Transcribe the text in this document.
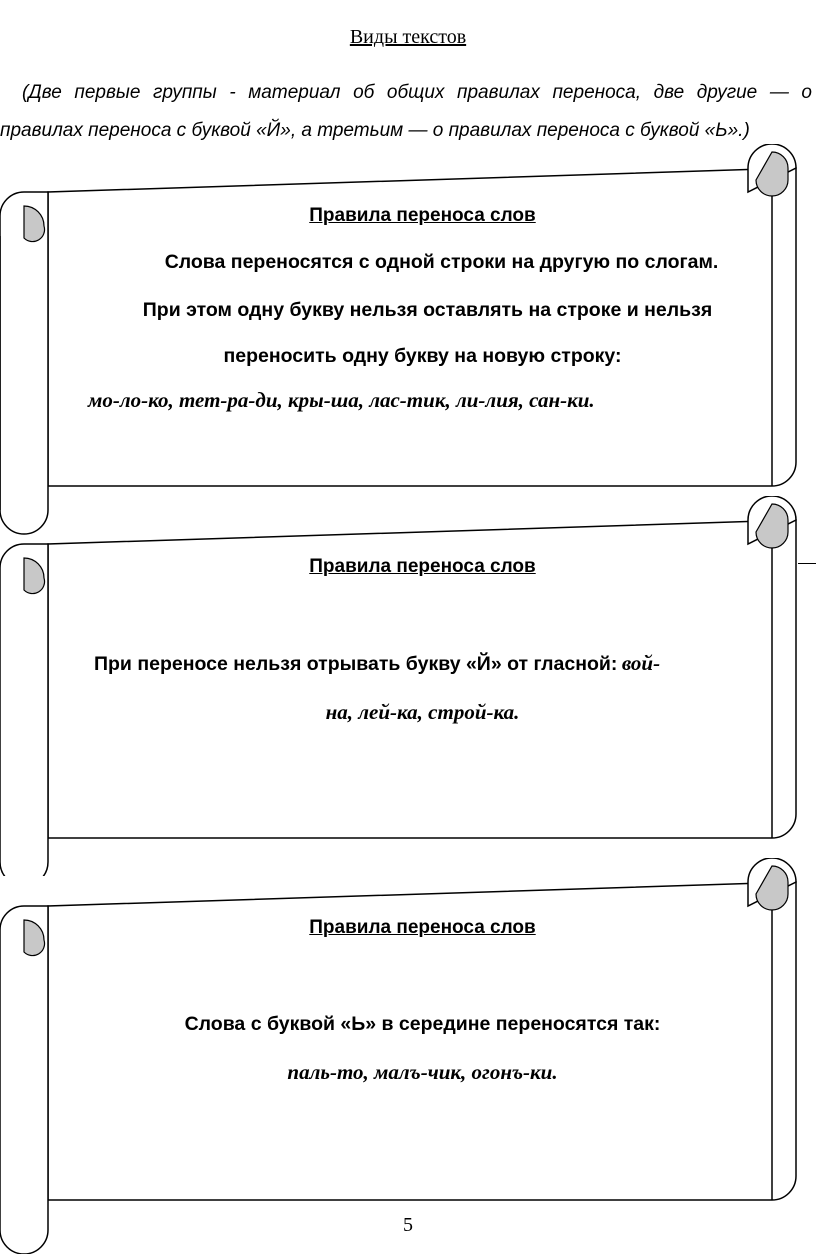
Виды текстов
(Две первые группы - материал об общих правилах переноса, две другие — о
правилах переноса с буквой «Й», а третьим — о правилах переноса с буквой «Ь».)
Правила переноса слов
Слова переносятся с одной строки на другую по слогам.
При этом одну букву нельзя оставлять на строке и нельзя
переносить одну букву на новую строку:
мо-ло-ко, тет-ра-ди, кры-ша, лас-тик, ли-лия, сан-ки.
Правила переноса слов
При переносе нельзя отрывать букву «Й» от гласной: вой-
на, лей-ка, строй-ка.
Правила переноса слов
Слова с буквой «Ь» в середине переносятся так:
паль-то, малъ-чик, огонъ-ки.
5
